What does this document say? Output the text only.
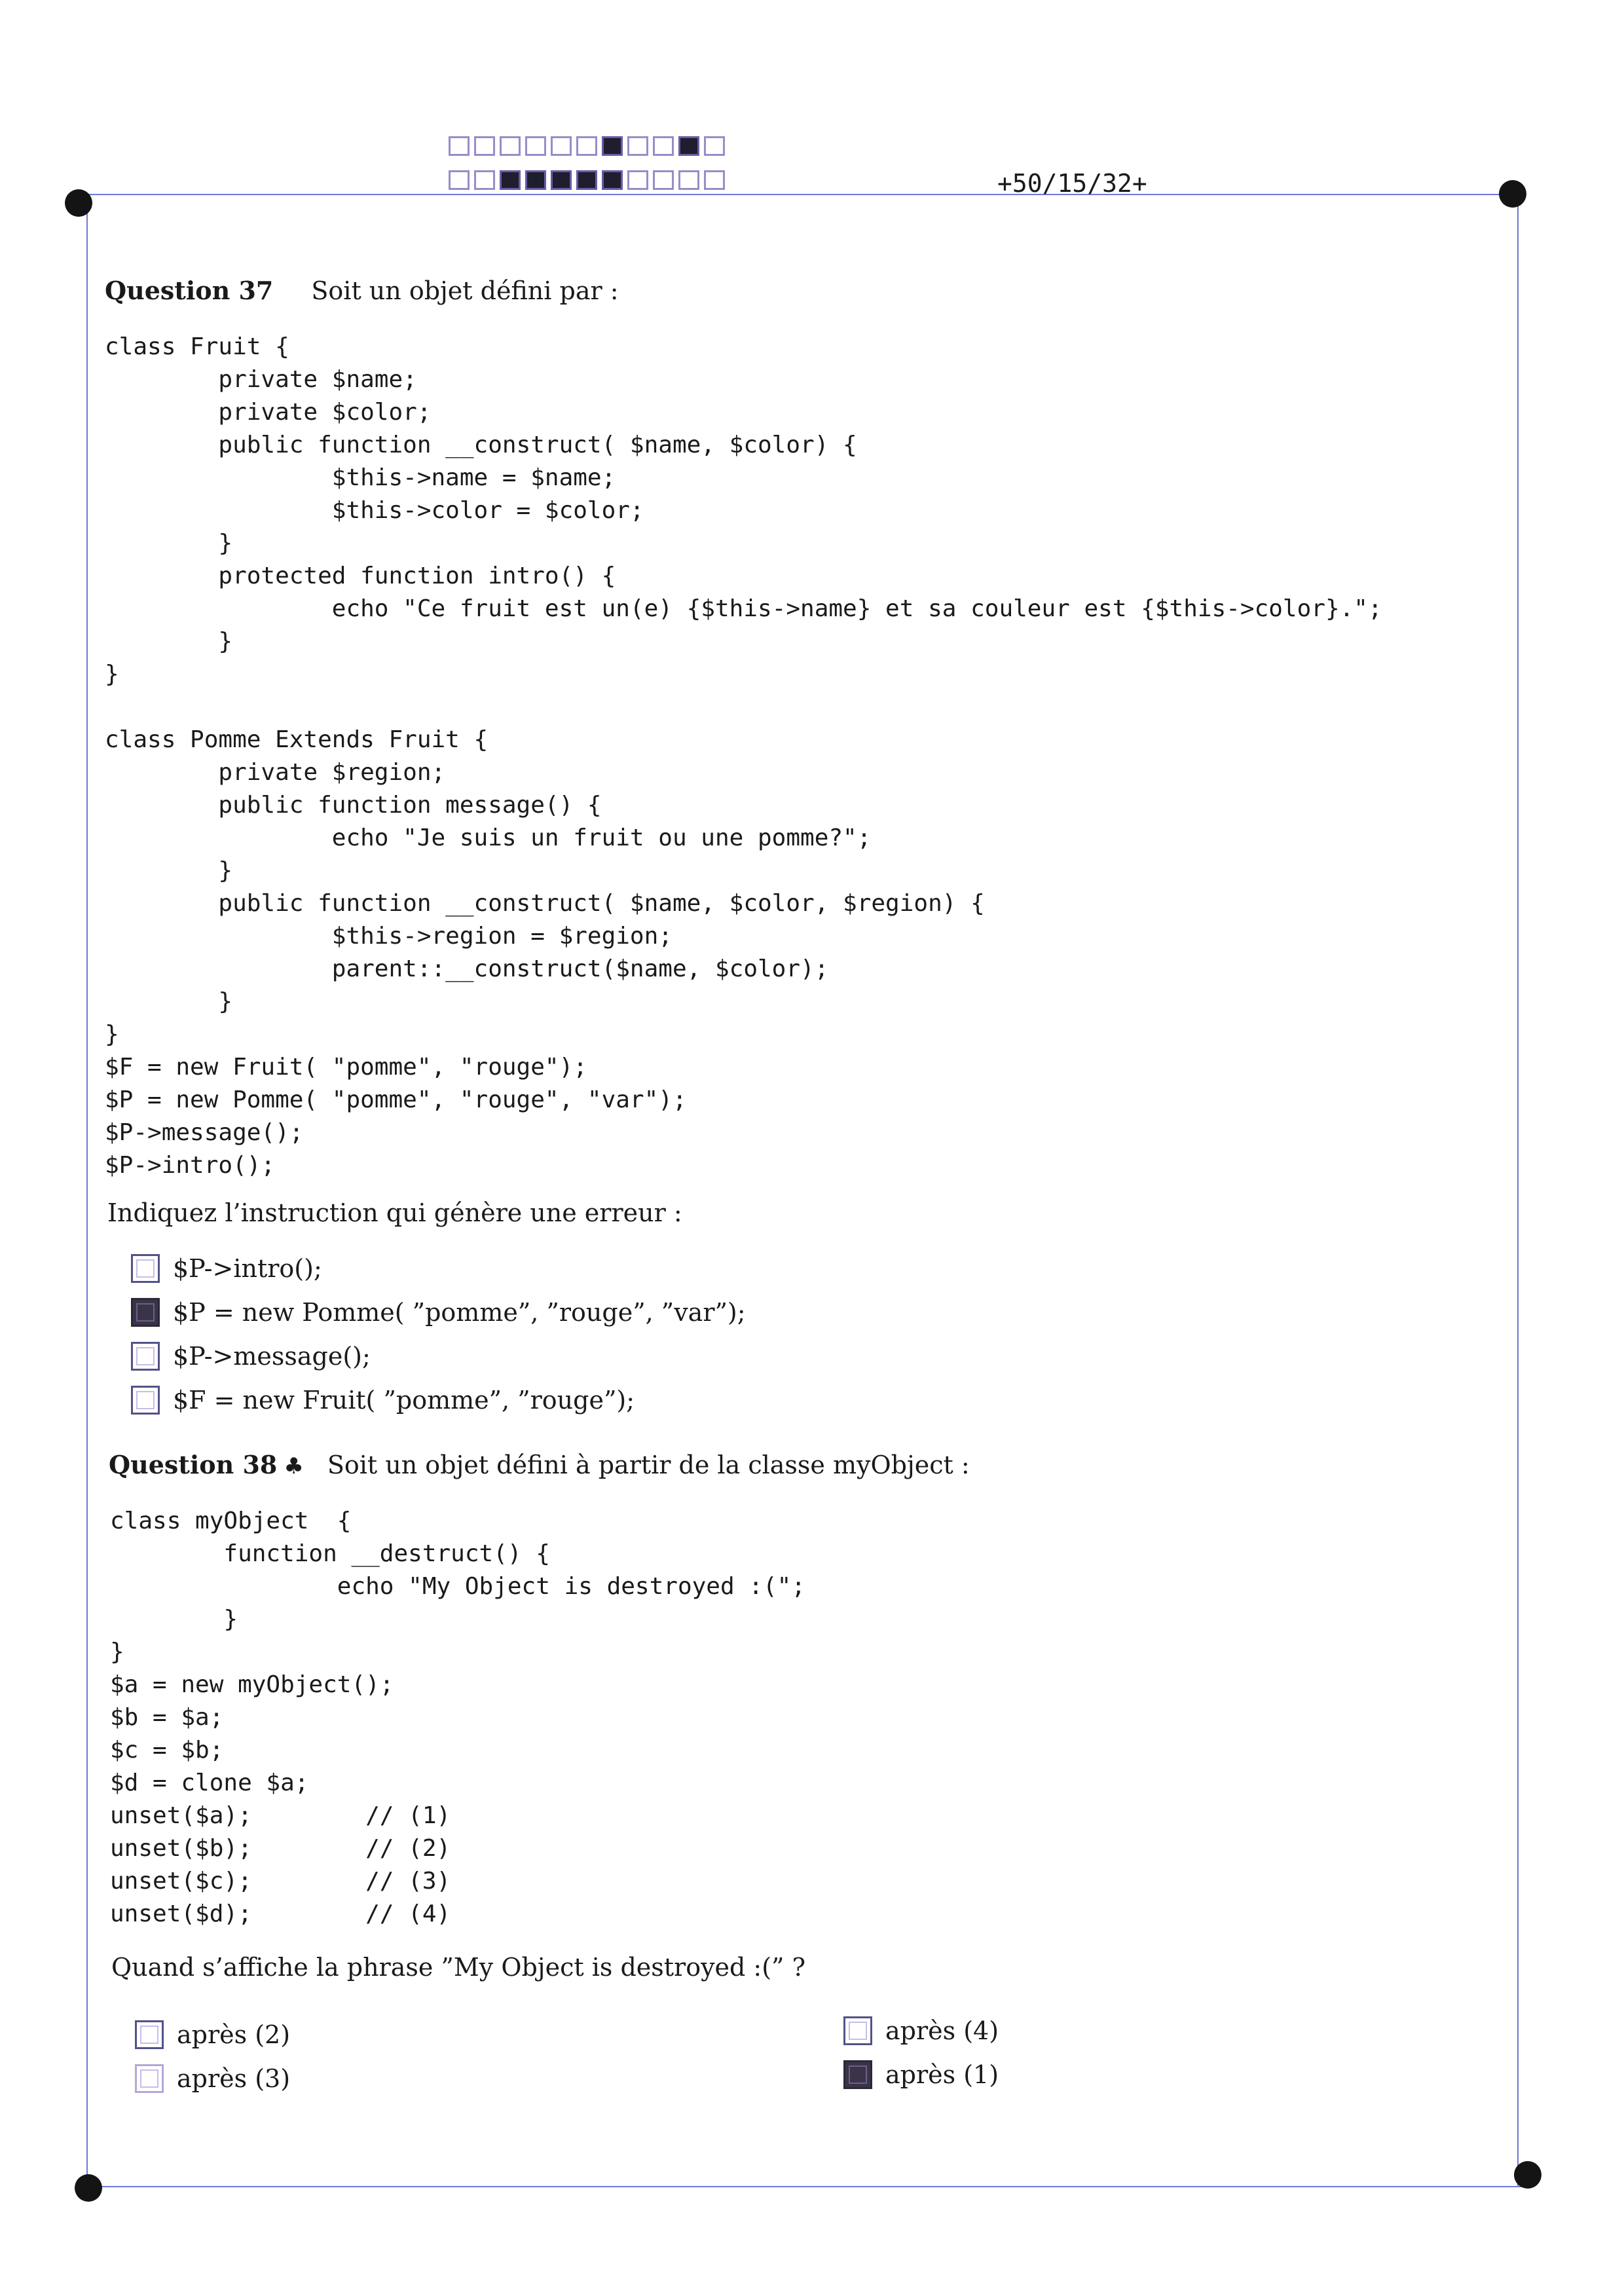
+50/15/32+
Question 37 Soit un objet défini par :
class Fruit {
private $name;
private $color;
public function __construct( $name, $color) {
$this->name = $name;
$this->color = $color;
}
protected function intro() {
echo "Ce fruit est un(e) {$this->name} et sa couleur est {$this->color}.";
}
}

class Pomme Extends Fruit {
private $region;
public function message() {
echo "Je suis un fruit ou une pomme?";
}
public function __construct( $name, $color, $region) {
$this->region = $region;
parent::__construct($name, $color);
}
}
$F = new Fruit( "pomme", "rouge");
$P = new Pomme( "pomme", "rouge", "var");
$P->message();
$P->intro();
Indiquez l’instruction qui génère une erreur :
$P->intro();
$P = new Pomme( ”pomme”, ”rouge”, ”var”);
$P->message();
$F = new Fruit( ”pomme”, ”rouge”);
Question 38 ♣ Soit un objet défini à partir de la classe myObject :
class myObject  {
function __destruct() {
echo "My Object is destroyed :(";
}
}
$a = new myObject();
$b = $a;
$c = $b;
$d = clone $a;
unset($a);        // (1)
unset($b);        // (2)
unset($c);        // (3)
unset($d);        // (4)
Quand s’affiche la phrase ”My Object is destroyed :(” ?
après (2)
après (3)
après (4)
après (1)
